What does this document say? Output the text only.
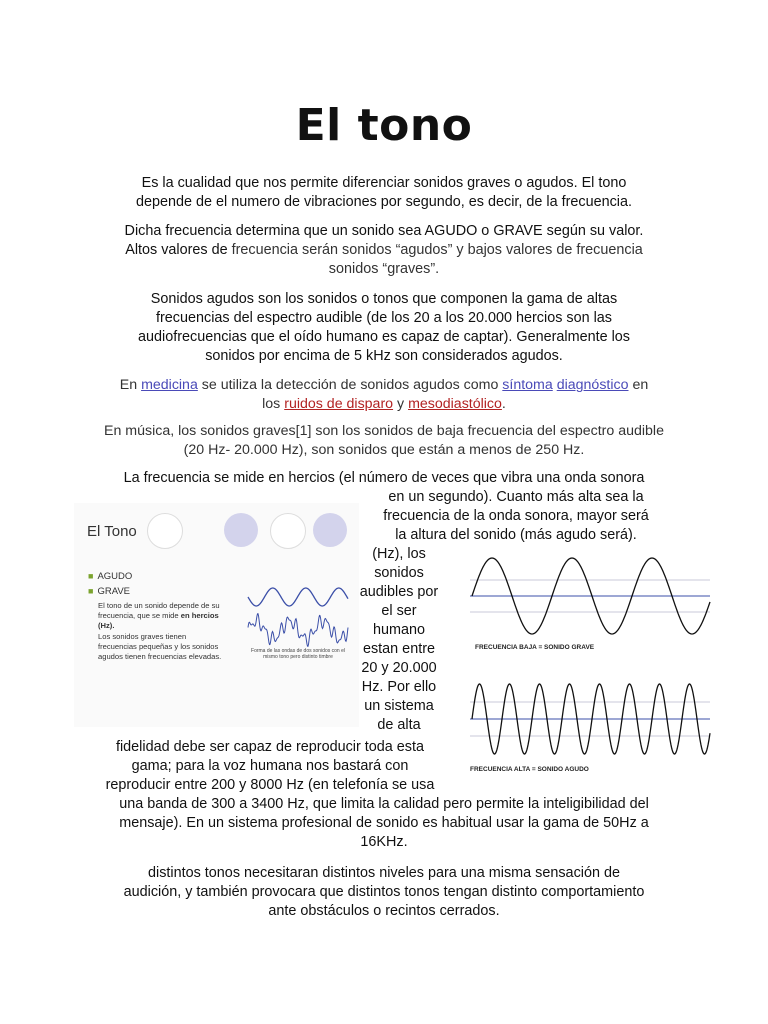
El tono
Es la cualidad que nos permite diferenciar sonidos graves o agudos. El tono
depende de el numero de vibraciones por segundo, es decir, de la frecuencia.
Dicha frecuencia determina que un sonido sea AGUDO o GRAVE según su valor.
Altos valores de frecuencia serán sonidos “agudos” y bajos valores de frecuencia
sonidos “graves”.
Sonidos agudos son los sonidos o tonos que componen la gama de altas
frecuencias del espectro audible (de los 20 a los 20.000 hercios son las
audiofrecuencias que el oído humano es capaz de captar). Generalmente los
sonidos por encima de 5 kHz son considerados agudos.
En medicina se utiliza la detección de sonidos agudos como síntoma diagnóstico en
los ruidos de disparo y mesodiastólico.
En música, los sonidos graves[1] son los sonidos de baja frecuencia del espectro audible
(20 Hz- 20.000 Hz), son sonidos que están a menos de 250 Hz.
La frecuencia se mide en hercios (el número de veces que vibra una onda sonora
en un segundo). Cuanto más alta sea la
frecuencia de la onda sonora, mayor será
la altura del sonido (más agudo será).
(Hz), los
sonidos
audibles por
el ser
humano
estan entre
20 y 20.000
Hz. Por ello
un sistema
de alta
fidelidad debe ser capaz de reproducir toda esta
gama; para la voz humana nos bastará con
reproducir entre 200 y 8000 Hz (en telefonía se usa
una banda de 300 a 3400 Hz, que limita la calidad pero permite la inteligibilidad del
mensaje). En un sistema profesional de sonido es habitual usar la gama de 50Hz a
16KHz.
distintos tonos necesitaran distintos niveles para una misma sensación de
audición, y también provocara que distintos tonos tengan distinto comportamiento
ante obstáculos o recintos cerrados.
El Tono
■ AGUDO
■ GRAVE
El tono de un sonido depende de su
frecuencia, que se mide en hercios
(Hz).
Los sonidos graves tienen
frecuencias pequeñas y los sonidos
agudos tienen frecuencias elevadas.
Forma de las ondas de dos sonidos con el
mismo tono pero distinto timbre
FRECUENCIA BAJA = SONIDO GRAVE
FRECUENCIA ALTA = SONIDO AGUDO
